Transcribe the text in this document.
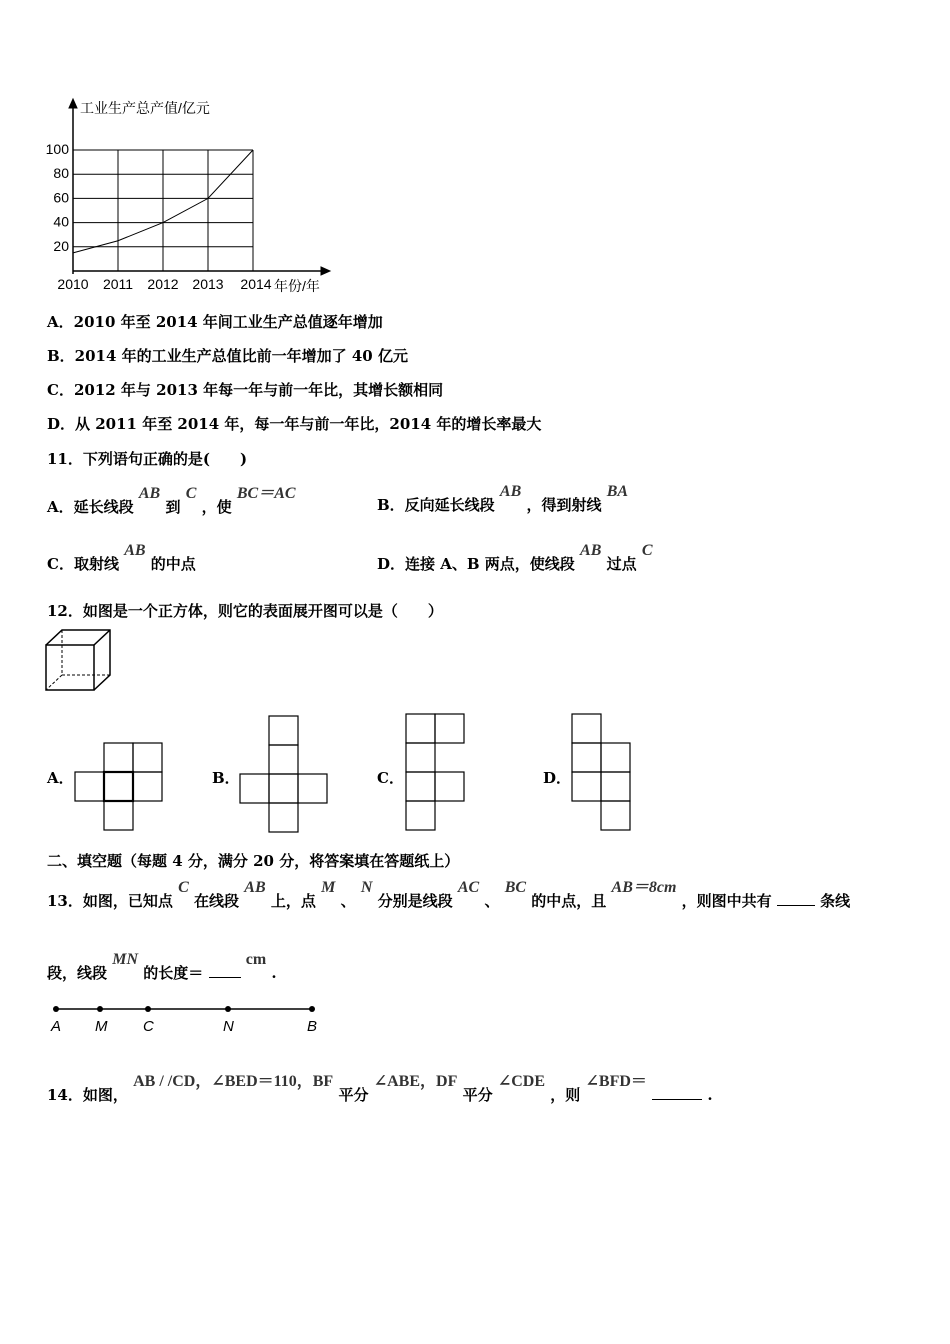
20
40
60
80
100
2010 2011 2012 2013 2014
工业生产总产值/亿元
年份/年
A．2010 年至 2014 年间工业生产总值逐年增加
B．2014 年的工业生产总值比前一年增加了 40 亿元
C．2012 年与 2013 年每一年与前一年比，其增长额相同
D．从 2011 年至 2014 年，每一年与前一年比，2014 年的增长率最大
11．下列语句正确的是(　　)
A．延长线段 AB 到 C ，使 BC＝AC
B．反向延长线段 AB ，得到射线 BA
C．取射线 AB 的中点	D．连接 A、B 两点，使线段 AB 过点 C
12．如图是一个正方体，则它的表面展开图可以是（　　）
A．	B．	C．	D．
二、填空题（每题 4 分，满分 20 分，将答案填在答题纸上）
13．如图，已知点 C 在线段 AB 上，点 M 、 N 分别是线段 AC 、 BC 的中点，且 AB＝8cm ，则图中共有	条线
段，线段 MN 的长度＝  cm .
A M C	N	B
14．如图， AB / /CD，∠BED＝110，BF 平分 ∠ABE，DF 平分 ∠CDE ，则 ∠BFD＝  .
